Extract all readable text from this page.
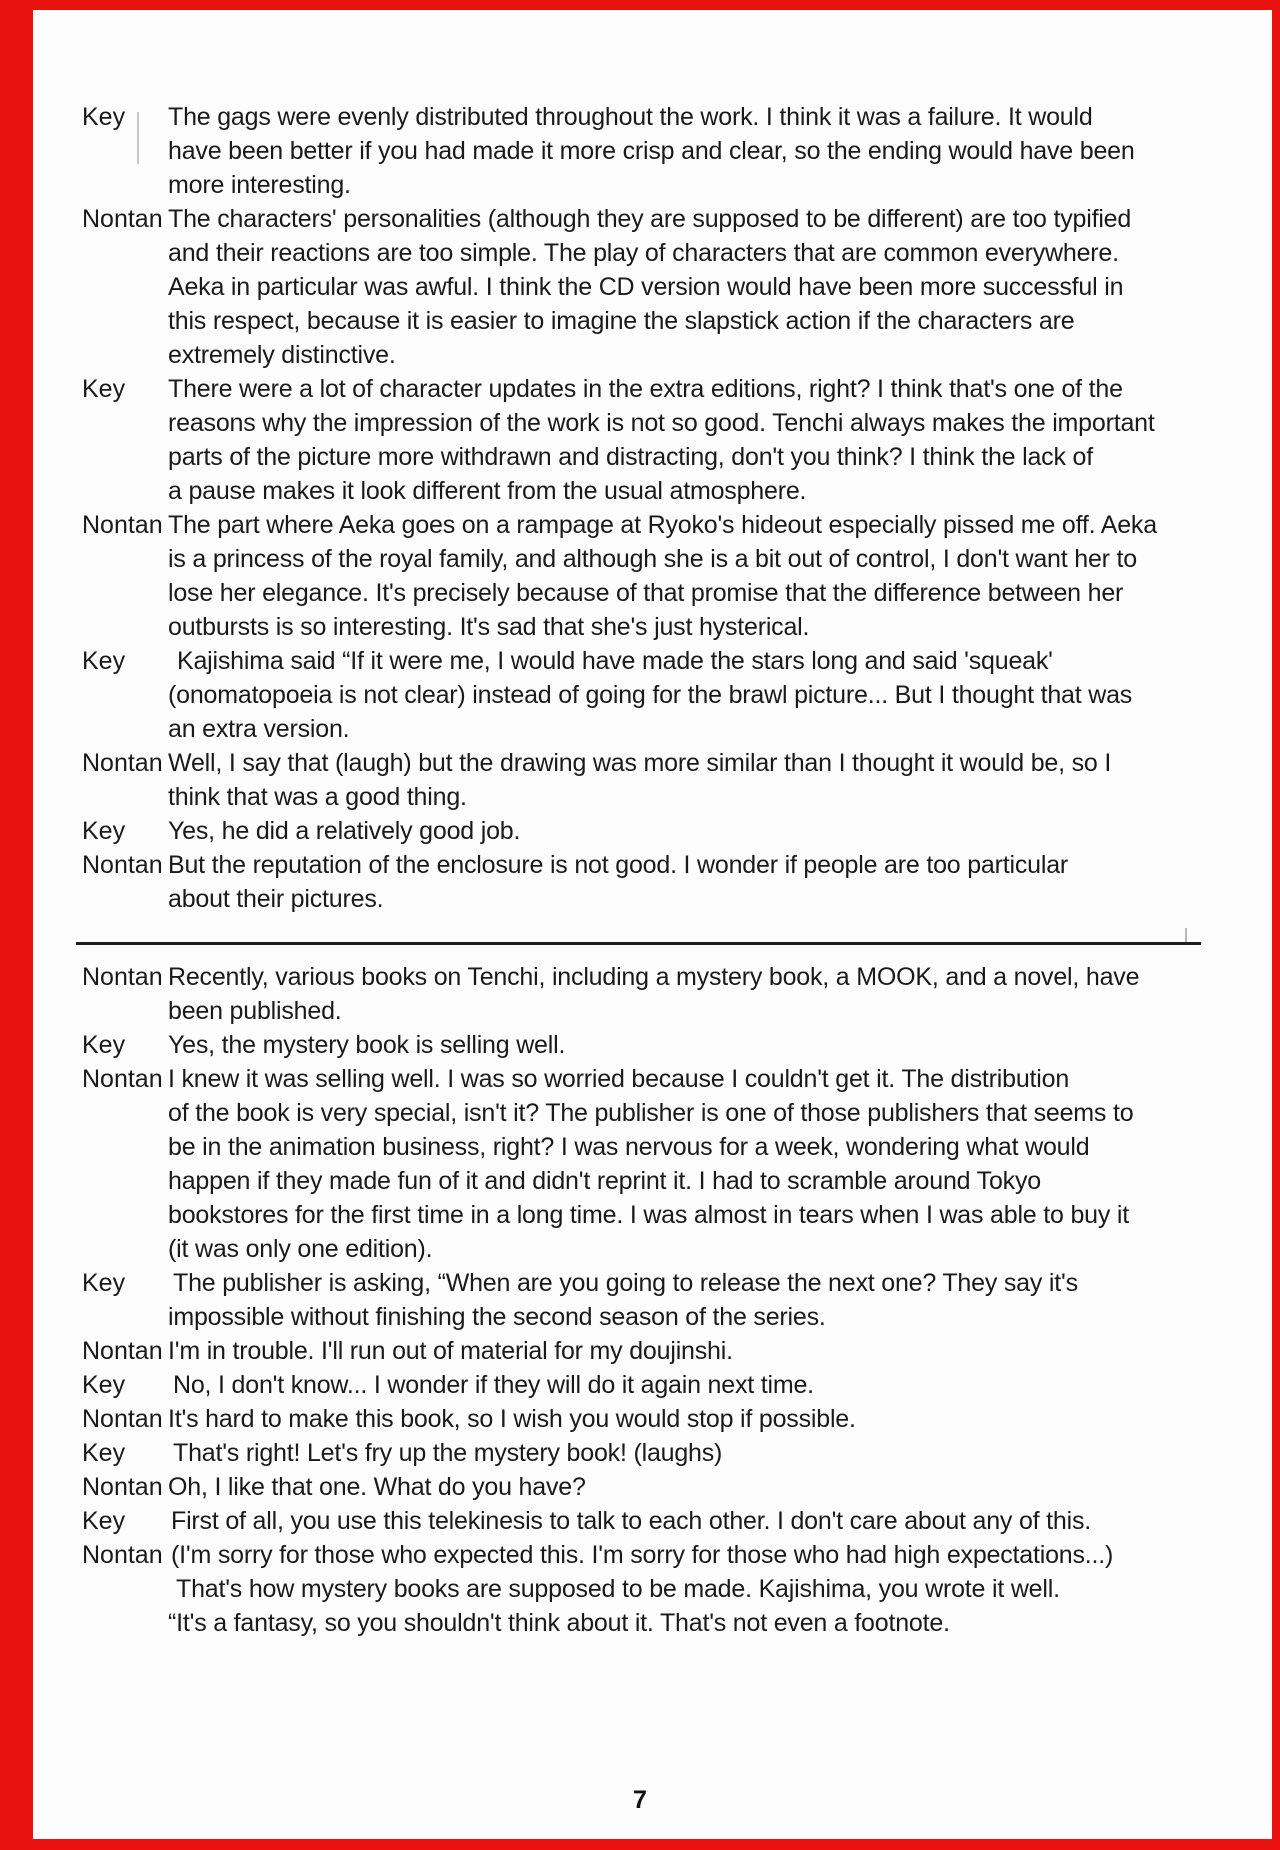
Key	The gags were evenly distributed throughout the work. I think it was a failure. It would
have been better if you had made it more crisp and clear, so the ending would have been
more interesting.
Nontan The characters' personalities (although they are supposed to be different) are too typified
and their reactions are too simple. The play of characters that are common everywhere.
Aeka in particular was awful. I think the CD version would have been more successful in
this respect, because it is easier to imagine the slapstick action if the characters are
extremely distinctive.
Key	There were a lot of character updates in the extra editions, right? I think that's one of the
reasons why the impression of the work is not so good. Tenchi always makes the important
parts of the picture more withdrawn and distracting, don't you think? I think the lack of
a pause makes it look different from the usual atmosphere.
Nontan The part where Aeka goes on a rampage at Ryoko's hideout especially pissed me off. Aeka
is a princess of the royal family, and although she is a bit out of control, I don't want her to
lose her elegance. It's precisely because of that promise that the difference between her
outbursts is so interesting. It's sad that she's just hysterical.
Key	Kajishima said “If it were me, I would have made the stars long and said 'squeak'
(onomatopoeia is not clear) instead of going for the brawl picture... But I thought that was
an extra version.
Nontan Well, I say that (laugh) but the drawing was more similar than I thought it would be, so I
think that was a good thing.
Key	Yes, he did a relatively good job.
Nontan But the reputation of the enclosure is not good. I wonder if people are too particular
about their pictures.
Nontan Recently, various books on Tenchi, including a mystery book, a MOOK, and a novel, have
been published.
Key	Yes, the mystery book is selling well.
Nontan I knew it was selling well. I was so worried because I couldn't get it. The distribution
of the book is very special, isn't it? The publisher is one of those publishers that seems to
be in the animation business, right? I was nervous for a week, wondering what would
happen if they made fun of it and didn't reprint it. I had to scramble around Tokyo
bookstores for the first time in a long time. I was almost in tears when I was able to buy it
(it was only one edition).
Key	The publisher is asking, “When are you going to release the next one? They say it's
impossible without finishing the second season of the series.
Nontan I'm in trouble. I'll run out of material for my doujinshi.
Key	No, I don't know... I wonder if they will do it again next time.
Nontan It's hard to make this book, so I wish you would stop if possible.
Key	That's right! Let's fry up the mystery book! (laughs)
Nontan Oh, I like that one. What do you have?
Key	First of all, you use this telekinesis to talk to each other. I don't care about any of this.
Nontan (I'm sorry for those who expected this. I'm sorry for those who had high expectations...)
That's how mystery books are supposed to be made. Kajishima, you wrote it well.
“It's a fantasy, so you shouldn't think about it. That's not even a footnote.
7
